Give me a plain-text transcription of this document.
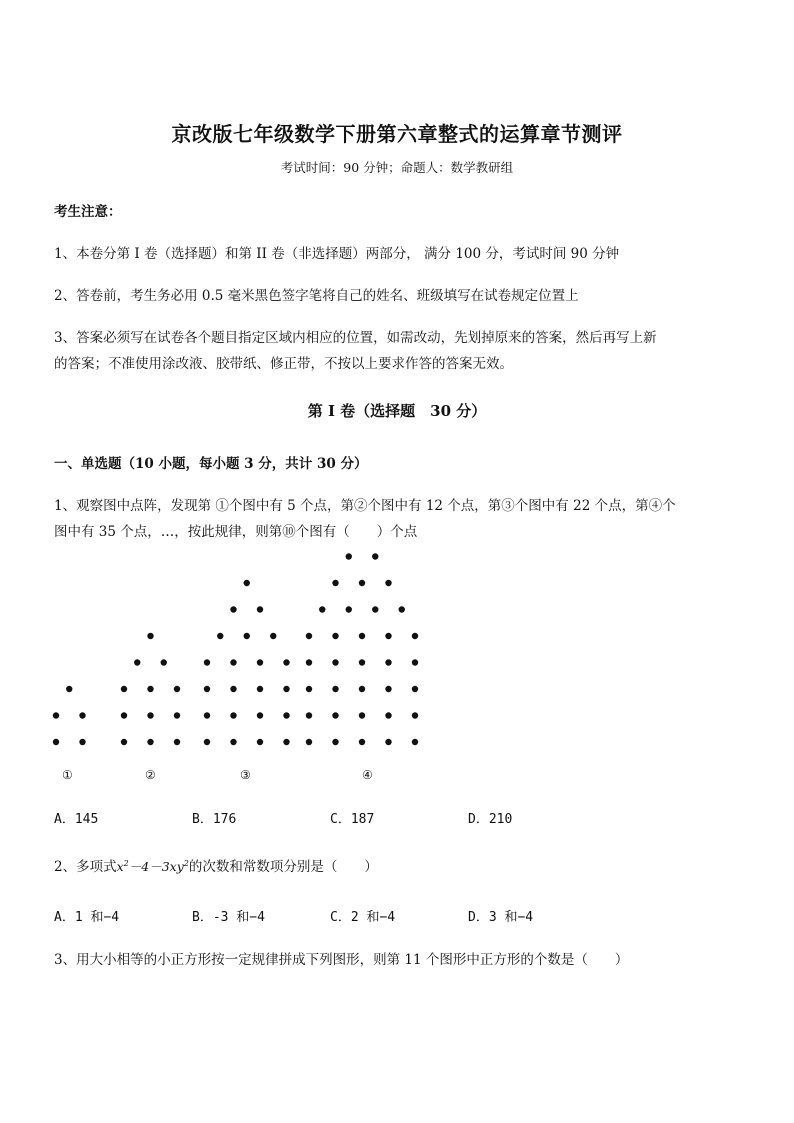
京改版七年级数学下册第六章整式的运算章节测评
考试时间：90 分钟；命题人：数学教研组
考生注意：
1、本卷分第 I 卷（选择题）和第 II 卷（非选择题）两部分， 满分 100 分，考试时间 90 分钟
2、答卷前，考生务必用 0.5 毫米黑色签字笔将自己的姓名、班级填写在试卷规定位置上
3、答案必须写在试卷各个题目指定区域内相应的位置，如需改动，先划掉原来的答案，然后再写上新
的答案；不准使用涂改液、胶带纸、修正带，不按以上要求作答的答案无效。
第 I 卷（选择题　30 分）
一、单选题（10 小题，每小题 3 分，共计 30 分）
1、观察图中点阵，发现第 ①个图中有 5 个点，第②个图中有 12 个点，第③个图中有 22 个点，第④个
图中有 35 个点，…，按此规律，则第⑩个图有（　　）个点
①	②	③	④
A．145	B．176	C．187	D．210
2、多项式$x^2-4-3xy^2$的次数和常数项分别是（　　）
A．1 和−4	B．-3 和−4	C．2 和−4	D．3 和−4
3、用大小相等的小正方形按一定规律拼成下列图形，则第 11 个图形中正方形的个数是（　　）
